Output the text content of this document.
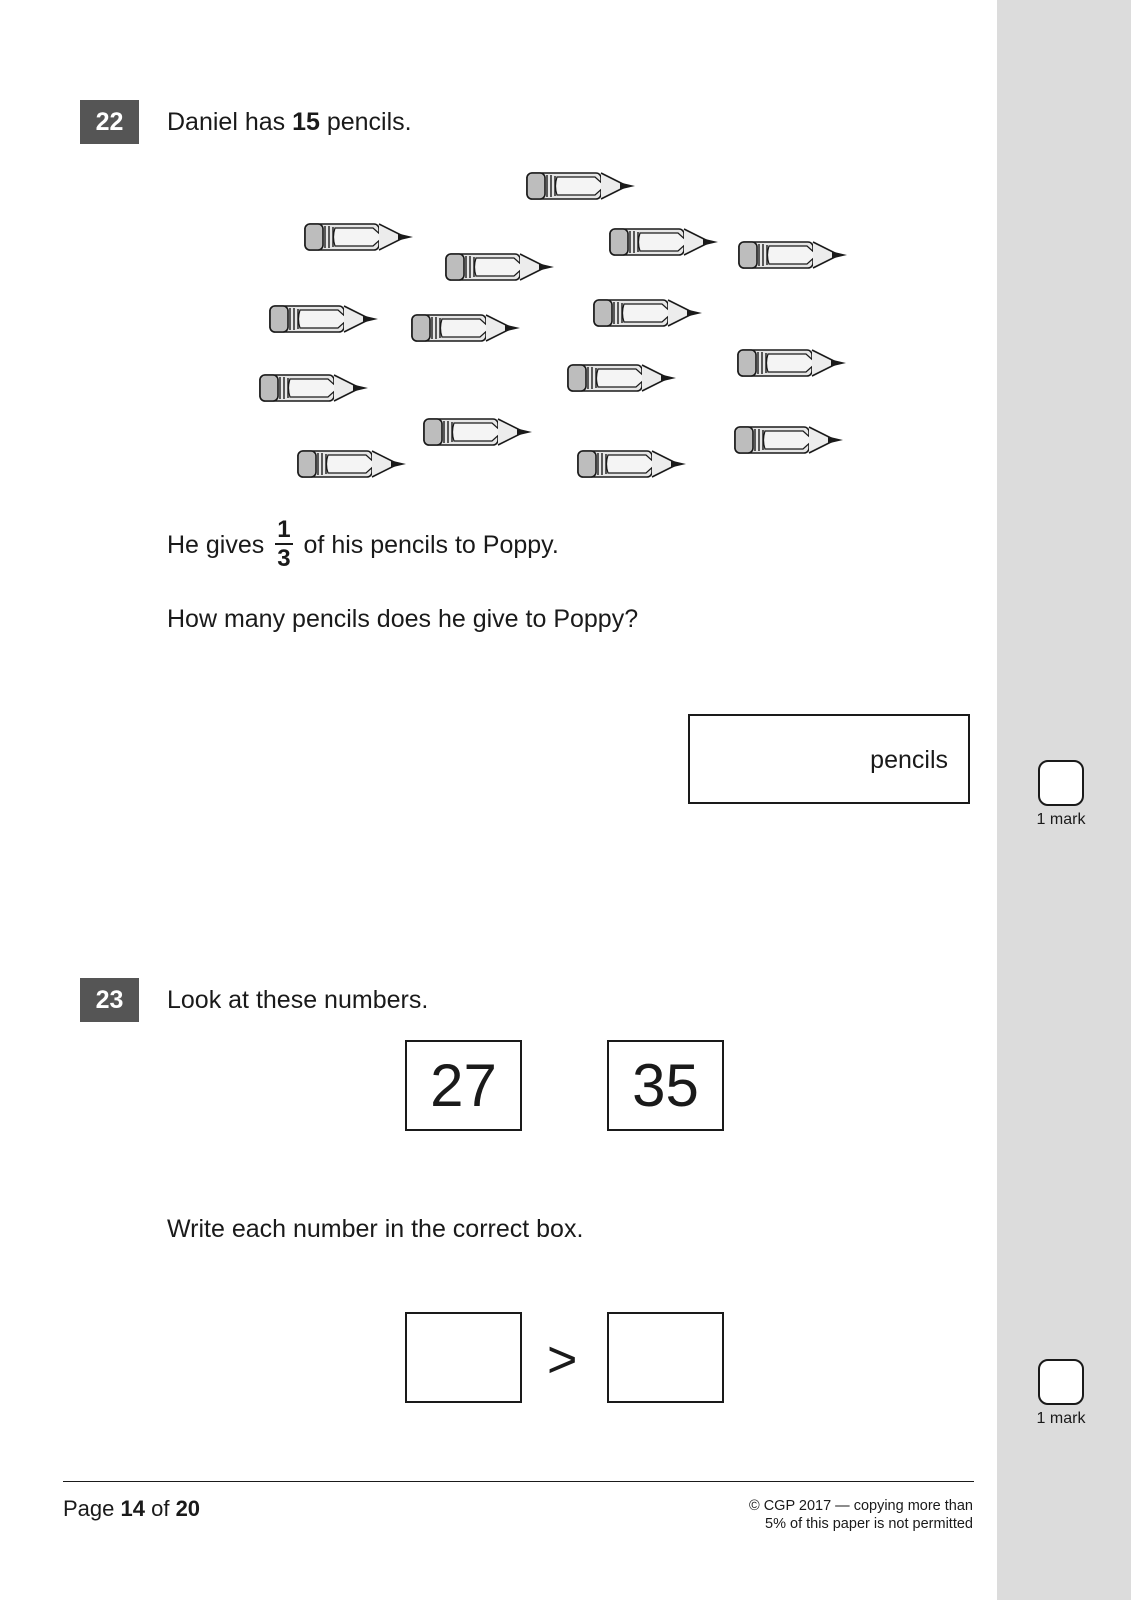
22	Daniel has 15 pencils.
He gives $\frac{1}{3}$ of his pencils to Poppy.
How many pencils does he give to Poppy?
pencils
1 mark
23	Look at these numbers.
27	35
Write each number in the correct box.
>
1 mark
Page 14 of 20	© CGP 2017 — copying more than
5% of this paper is not permitted
